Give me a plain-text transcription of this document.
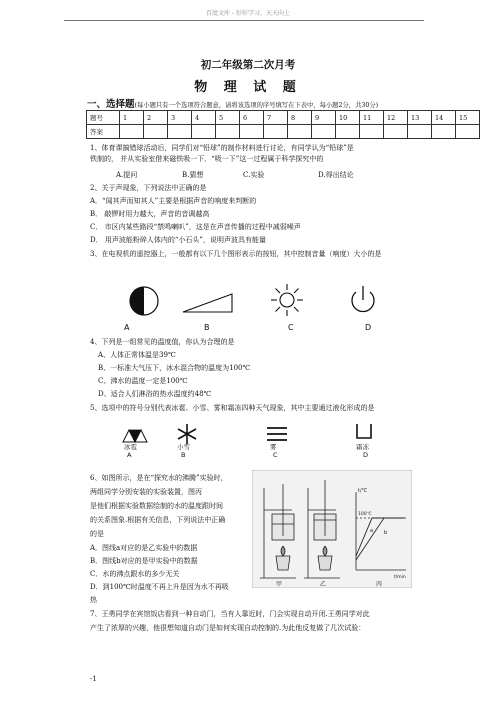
百度文库 - 好好学习，天天向上
初二年级第二次月考
物 理 试 题
一、选择题(每小题只有一个选项符合题意，请将该选项的序号填写在下表中，每小题2分，共30分)
题号	1	2	3	4	5	6	7	8	9	10	11	12	13	14	15
答案															
1、体育课搞错球活动后，同学们对“铅球”的制作材料进行讨论，有同学认为“铅球”是
铁制的， 并从实验室借来磁铁吸一下．“吸一下”这一过程属于科学探究中的
A.提问	B.猜想	C.实验	D.得出结论
2、关于声现象，下列说法中正确的是
A．“闻其声而知其人”主要是根据声音的响度来判断的
B． 敲锣时用力越大，声音的音调越高
C． 市区内某些路段“禁鸣喇叭”，这是在声音传播的过程中减弱噪声
D． 用声波能粉碎人体内的“小石头”，说明声波具有能量
3、在电视机的遥控器上，一般都有以下几个图形表示的按钮，其中控制音量（响度）大小的是
A	B	C	D
4、下列是一组常见的温度值，你认为合理的是
A、人体正常体温是39℃
B、一标准大气压下，冰水混合物的温度为100℃
C、沸水的温度一定是100℃
D、适合人们淋浴的热水温度约48℃
5、选项中的符号分别代表冰雹、小雪、雾和霜冻四种天气现象，其中主要通过液化形成的是
冰雹	小雪	雾	霜冻
A	B	C	D
6、如图所示，是在“探究水的沸腾”实验时，
两组同学分别安装的实验装置，图丙
是他们根据实验数据绘制的水的温度跟时间
的关系图象.根据有关信息，下列说法中正确
的是
A．图线a对应的是乙实验中的数据
B．图线b对应的是甲实验中的数据
C．水的沸点跟水的多少无关
D．到100℃时温度不再上升是因为水不再吸
热
t/℃
t/min
100℃
a b
甲	乙	丙
7、王勇同学在宾馆饭店看到一种自动门，当有人靠近时，门会实现自动开闭.王勇同学对此
产生了浓厚的兴趣，他很想知道自动门是如何实现自动控制的.为此他反复做了几次试验：
-1
